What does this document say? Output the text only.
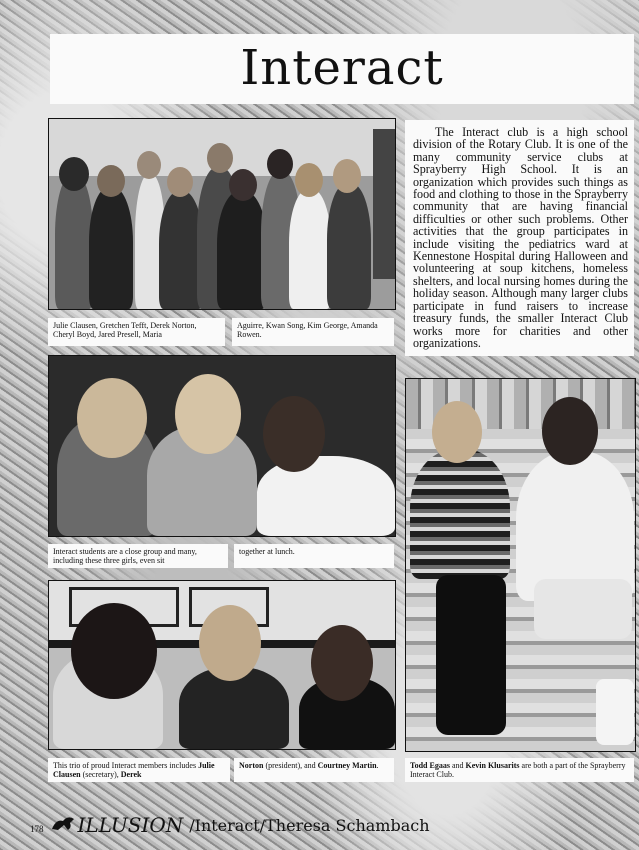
Interact
Julie Clausen, Gretchen Tefft, Derek Norton, Cheryl Boyd, Jared Presell, Maria
Aguirre, Kwan Song, Kim George, Amanda Rowen.

The Interact club is a high school division of the Rotary Club. It is one of the many community service clubs at Sprayberry High School. It is an organization which provides such things as food and clothing to those in the Sprayberry community that are having financial difficulties or other such problems. Other activities that the group participates in include visiting the pediatrics ward at Kennestone Hospital during Halloween and volunteering at soup kitchens, homeless shelters, and local nursing homes during the holiday season. Although many larger clubs participate in fund raisers to increase treasury funds, the smaller Interact Club works more for charities and other organizations.

Interact students are a close group and many, including these three girls, even sit
together at lunch.
This trio of proud Interact members includes Julie Clausen (secretary), Derek
Norton (president), and Courtney Martin.	Todd Egaas and Kevin Klusarits are both a part of the Sprayberry Interact Club.
178 ILLUSION /Interact/Theresa Schambach
